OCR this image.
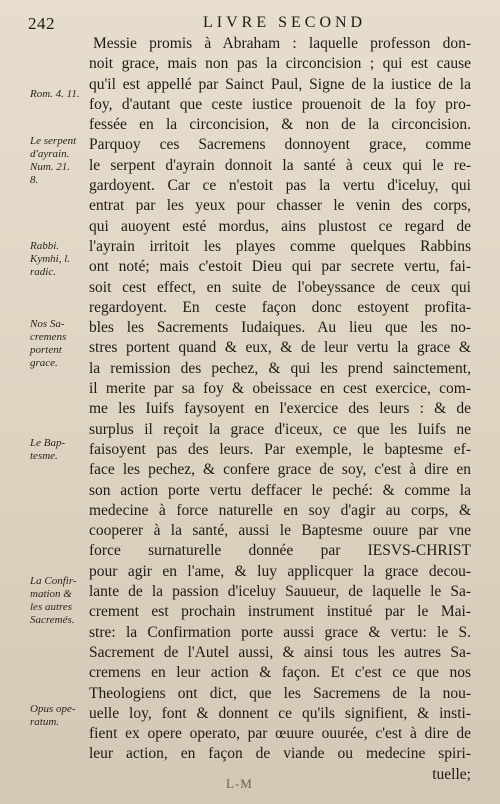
242	LIVRE SECOND
Messie promis à Abraham : laquelle professon don-
noit grace, mais non pas la circoncision ; qui est cause
qu'il est appellé par Sainct Paul, Signe de la iustice de la
foy, d'autant que ceste iustice prouenoit de la foy pro-
fessée en la circoncision, & non de la circoncision.
Parquoy ces Sacremens donnoyent grace, comme
le serpent d'ayrain donnoit la santé à ceux qui le re-
gardoyent. Car ce n'estoit pas la vertu d'iceluy, qui
entrat par les yeux pour chasser le venin des corps,
qui auoyent esté mordus, ains plustost ce regard de
l'ayrain irritoit les playes comme quelques Rabbins
ont noté; mais c'estoit Dieu qui par secrete vertu, fai-
soit cest effect, en suite de l'obeyssance de ceux qui
regardoyent. En ceste façon donc estoyent profita-
bles les Sacrements Iudaiques. Au lieu que les no-
stres portent quand & eux, & de leur vertu la grace &
la remission des pechez, & qui les prend sainctement,
il merite par sa foy & obeissace en cest exercice, com-
me les Iuifs faysoyent en l'exercice des leurs : & de
surplus il reçoit la grace d'iceux, ce que les Iuifs ne
faisoyent pas des leurs. Par exemple, le baptesme ef-
face les pechez, & confere grace de soy, c'est à dire en
son action porte vertu deffacer le peché: & comme la
medecine à force naturelle en soy d'agir au corps, &
cooperer à la santé, aussi le Baptesme ouure par vne
force surnaturelle donnée par IESVS-CHRIST
pour agir en l'ame, & luy applicquer la grace decou-
lante de la passion d'iceluy Sauueur, de laquelle le Sa-
crement est prochain instrument institué par le Mai-
stre: la Confirmation porte aussi grace & vertu: le S.
Sacrement de l'Autel aussi, & ainsi tous les autres Sa-
cremens en leur action & façon. Et c'est ce que nos
Theologiens ont dict, que les Sacremens de la nou-
uelle loy, font & donnent ce qu'ils signifient, & insti-
fient ex opere operato, par œuure ouurée, c'est à dire de
leur action, en façon de viande ou medecine spiri-
tuelle;
Rom. 4. 11.
Le serpent
d'ayrain.
Num. 21.
8.
Rabbi.
Kymhi, l.
radic.
Nos Sa-
cremens
portent
grace.
Le Bap-
tesme.
La Confir-
mation &
les autres
Sacremés.
Opus ope-
ratum.
L-M
